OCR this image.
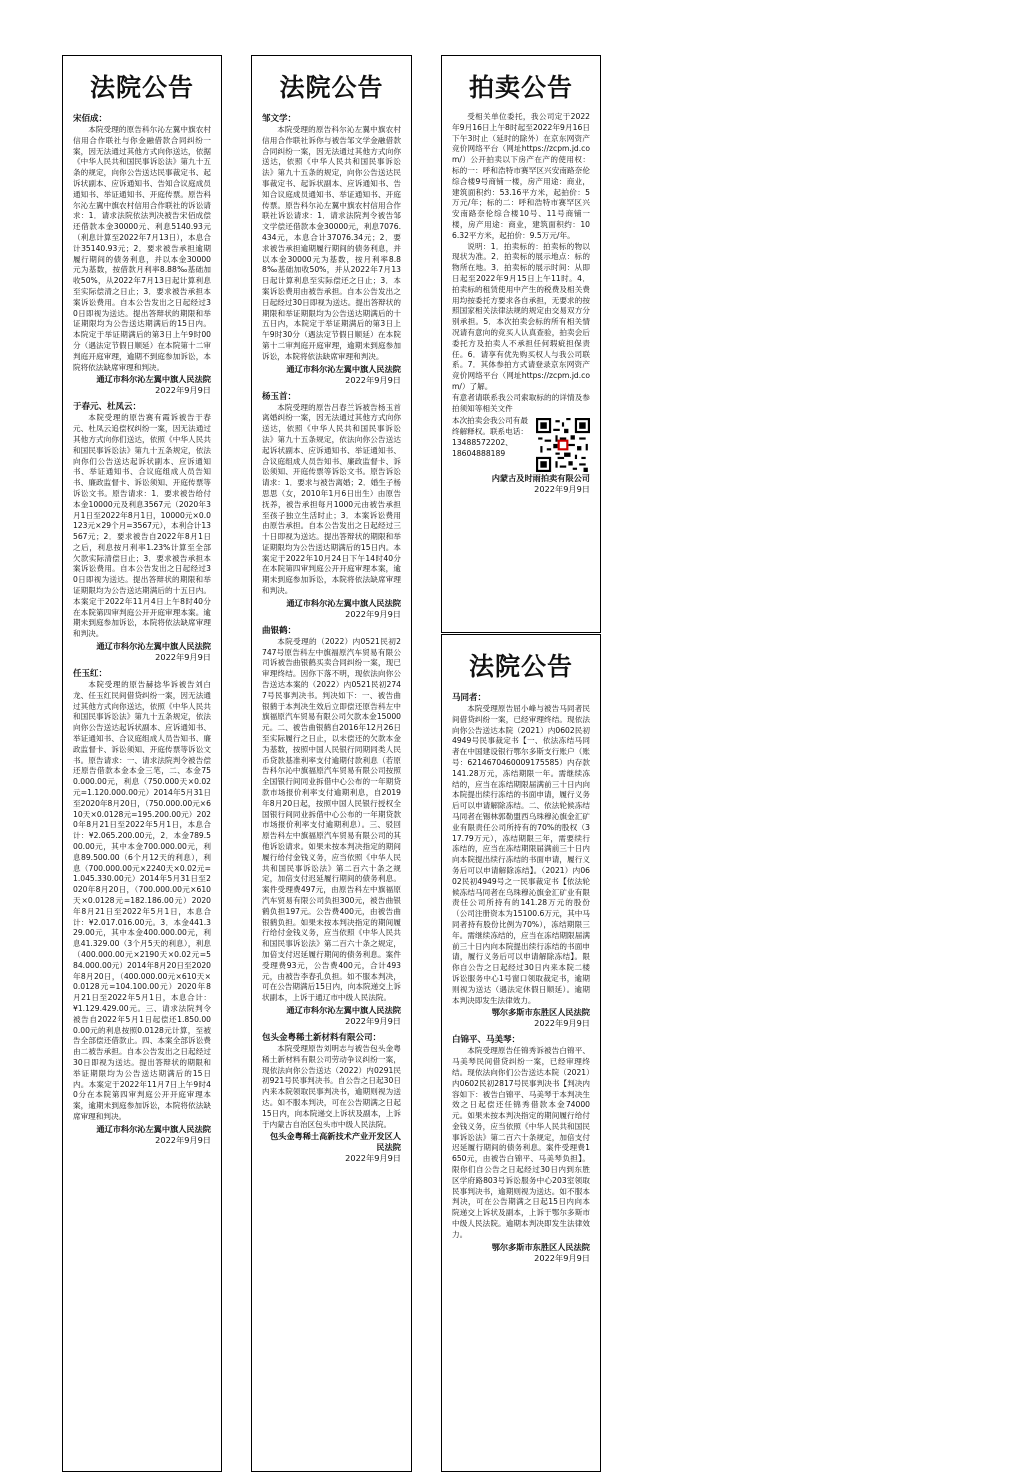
法院公告
宋佰成：

本院受理的原告科尔沁左翼中旗农村信用合作联社与你金融借款合同纠纷一案，因无法通过其他方式向你送达，依据《中华人民共和国民事诉讼法》第九十五条的规定，向你公告送达民事裁定书、起诉状副本、应诉通知书、告知合议庭成员通知书、举证通知书、开庭传票。原告科尔沁左翼中旗农村信用合作联社的诉讼请求：1．请求法院依法判决被告宋佰成偿还借款本金30000元、利息5140.93元（利息计算至2022年7月13日），本息合计35140.93元；2．要求被告承担逾期履行期间的债务利息，并以本金30000元为基数，按借款月利率8.88‰基础加收50%，从2022年7月13日起计算利息至实际偿清之日止；3．要求被告承担本案诉讼费用。自本公告发出之日起经过30日即视为送达。提出答辩状的期限和举证期限均为公告送达期满后的15日内。本院定于举证期满后的第3日上午9时00分（遇法定节假日顺延）在本院第十二审判庭开庭审理，逾期不到庭参加诉讼，本院将依法缺席审理和判决。

通辽市科尔沁左翼中旗人民法院
2022年9月9日
于春元、杜凤云：

本院受理的原告赛有霞诉被告于春元、杜凤云追偿权纠纷一案，因无法通过其他方式向你们送达，依照《中华人民共和国民事诉讼法》第九十五条规定，依法向你们公告送达起诉状副本、应诉通知书、举证通知书、合议庭组成人员告知书、廉政监督卡、诉讼须知、开庭传票等诉讼文书。原告请求：1．要求被告给付本金10000元及利息3567元（2020年3月1日至2022年8月1日，10000元×0.0123元×29个月=3567元），本利合计13567元；2．要求被告自2022年8月1日之后，利息按月利率1.23%计算至全部欠款实际清偿日止；3．要求被告承担本案诉讼费用。自本公告发出之日起经过30日即视为送达。提出答辩状的期限和举证期限均为公告送达期满后的十五日内。本案定于2022年11月4日上午8时40分在本院第四审判庭公开开庭审理本案。逾期未到庭参加诉讼，本院将依法缺席审理和判决。

通辽市科尔沁左翼中旗人民法院
2022年9月9日
任玉红：

本院受理的原告赫捻华诉被告刘白龙、任玉红民间借贷纠纷一案，因无法通过其他方式向你送达，依照《中华人民共和国民事诉讼法》第九十五条规定，依法向你公告送达起诉状副本、应诉通知书、举证通知书、合议庭组成人员告知书、廉政监督卡、诉讼须知、开庭传票等诉讼文书。原告请求：一、请求法院判令被告偿还原告借款本金本金三笔，二、本金750.000.00元，利息（750.000天×0.02元=1.120.000.00元）2014年5月31日至2020年8月20日，（750.000.00元×610天×0.0128元=195.200.00元）2020年8月21日至2022年5月1日，本息合计：¥2.065.200.00元，2．本金789.500.00元，其中本金700.000.00元，利息89.500.00（6个月12天的利息），利息（700.000.00元×2240天×0.02元=1.045.330.00元）2014年5月31日至2020年8月20日，（700.000.00元×610天×0.0128元=182.186.00元）2020年8月21日至2022年5月1日，本息合计：¥2.017.016.00元。3．本金441.329.00元，其中本金400.000.00元，利息41.329.00（3个月5天的利息），利息（400.000.00元×2190天×0.02元=584.000.00元）2014年8月20日至2020年8月20日，（400.000.00元×610天×0.0128元=104.100.00元）2020年8月21日至2022年5月1日，本息合计：¥1.129.429.00元。三、请求法院判令被告自2022年5月1日起偿还1.850.000.00元的利息按照0.0128元计算，至被告全部偿还借款止。四、本案全部诉讼费由二被告承担。自本公告发出之日起经过30日即视为送达。提出答辩状的期限和举证期限均为公告送达期满后的15日内。本案定于2022年11月7日上午9时40分在本院第四审判庭公开开庭审理本案，逾期未到庭参加诉讼，本院将依法缺席审理和判决。

通辽市科尔沁左翼中旗人民法院
2022年9月9日
法院公告
邹文学：

本院受理的原告科尔沁左翼中旗农村信用合作联社诉你与被告邹文学金融借款合同纠纷一案，因无法通过其他方式向你送达，依照《中华人民共和国民事诉讼法》第九十五条的规定，向你公告送达民事裁定书、起诉状副本、应诉通知书、告知合议庭成员通知书、举证通知书、开庭传票。原告科尔沁左翼中旗农村信用合作联社诉讼请求：1．请求法院判令被告邹文学偿还借款本金30000元，利息7076.434元，本息合计37076.34元；2．要求被告承担逾期履行期间的债务利息，并以本金30000元为基数，按月利率8.88‰基础加收50%，并从2022年7月13日起计算利息至实际偿还之日止；3．本案诉讼费用由被告承担。自本公告发出之日起经过30日即视为送达。提出答辩状的期限和举证期限均为公告送达期满后的十五日内，本院定于举证期满后的第3日上午9时30分（遇法定节假日顺延）在本院第十二审判庭开庭审理，逾期未到庭参加诉讼，本院将依法缺席审理和判决。

通辽市科尔沁左翼中旗人民法院
2022年9月9日
杨玉首：

本院受理的原告吕春兰诉被告杨玉首离婚纠纷一案，因无法通过其他方式向你送达，依照《中华人民共和国民事诉讼法》第九十五条规定，依法向你公告送达起诉状副本、应诉通知书、举证通知书、合议庭组成人员告知书、廉政监督卡、诉讼须知、开庭传票等诉讼文书。原告诉讼请求：1．要求与被告离婚；2．婚生子杨思思（女，2010年1月6日出生）由原告抚养，被告承担每月1000元由被告承担至孩子独立生活时止；3．本案诉讼费用由原告承担。自本公告发出之日起经过三十日即视为送达。提出答辩状的期限和举证期限均为公告送达期满后的15日内。本案定于2022年10月24日下午14时40分在本院第四审判庭公开开庭审理本案，逾期未到庭参加诉讼，本院将依法缺席审理和判决。

通辽市科尔沁左翼中旗人民法院
2022年9月9日
曲银鹤：

本院受理的（2022）内0521民初2747号原告科左中旗福原汽车贸易有限公司诉被告曲银鹤买卖合同纠纷一案，现已审理终结。因你下落不明，现依法向你公告送达本案的（2022）内0521民初2747号民事判决书。判决如下：一、被告曲银鹤于本判决生效后立即偿还原告科左中旗福原汽车贸易有限公司欠款本金15000元。二、被告曲银鹤自2016年12月26日至实际履行之日止，以未偿还的欠款本金为基数，按照中国人民银行同期同类人民币贷款基准利率支付逾期付款利息（若原告科尔沁中旗福原汽车贸易有限公司按照全国银行间同业拆借中心公布的一年期贷款市场报价利率支付逾期利息，自2019年8月20日起，按照中国人民银行授权全国银行间同业拆借中心公布的一年期贷款市场报价利率支付逾期利息）。三、驳回原告科左中旗福原汽车贸易有限公司的其他诉讼请求。如果未按本判决指定的期间履行给付金钱义务，应当依照《中华人民共和国民事诉讼法》第二百六十条之规定，加倍支付迟延履行期间的债务利息。案件受理费497元，由原告科左中旗福原汽车贸易有限公司负担300元，被告曲银鹤负担197元。公告费400元，由被告曲银鹤负担。如果未按本判决指定的期间履行给付金钱义务，应当依照《中华人民共和国民事诉讼法》第二百六十条之规定，加倍支付迟延履行期间的债务利息。案件受理费93元，公告费400元，合计493元，由被告李春孔负担。如不服本判决，可在公告期满后15日内，向本院递交上诉状副本，上诉于通辽市中级人民法院。

通辽市科尔沁左翼中旗人民法院
2022年9月9日
包头金粤稀土新材料有限公司：

本院受理原告刘明志与被告包头金粤稀土新材料有限公司劳动争议纠纷一案，现依法向你公告送达（2022）内0291民初921号民事判决书。自公告之日起30日内来本院领取民事判决书，逾期则视为送达。如不服本判决，可在公告期满之日起15日内，向本院递交上诉状及副本，上诉于内蒙古自治区包头市中级人民法院。

包头金粤稀土高新技术产业开发区人民法院
2022年9月9日
拍卖公告

受相关单位委托，我公司定于2022年9月16日上午8时起至2022年9月16日下午3时止（延时的除外）在京东网资产竞价网络平台（网址https://zcpm.jd.com/）公开拍卖以下房产在产的使用权：标的一：呼和浩特市赛罕区兴安南路奈伦综合楼9号商铺一楼，房产用途：商业，建筑面积约：53.16平方米，起拍价：5万元/年；标的二：呼和浩特市赛罕区兴安南路奈伦综合楼10号、11号商铺一楼，房产用途：商业，建筑面积约：106.32平方米，起拍价：9.5万元/年。

说明：1．拍卖标的：拍卖标的物以现状为准。2．拍卖标的展示地点：标的物所在地。3．拍卖标的展示时间：从即日起至2022年9月15日上午11时。4．拍卖标的租赁使用中产生的税费及相关费用均按委托方要求各自承担，无要求的按照国家相关法律法规的规定由交易双方分别承担。5．本次拍卖会标的所有相关情况请有意向的竞买人认真查验，拍卖会后委托方及拍卖人不承担任何瑕疵担保责任。6．请享有优先购买权人与我公司联系。7．其体参拍方式请登录京东网资产竞价网络平台（网址https://zcpm.jd.com/）了解。

有意者请联系我公司索取标的的详情及参拍须知等相关文件
本次拍卖会我公司有最终解释权。联系电话：13488572202、18604888189
内蒙古及时雨拍卖有限公司
2022年9月9日
法院公告
马同者：

本院受理原告屈小峰与被告马同者民间借贷纠纷一案，已经审理终结。现依法向你公告送达本院（2021）内0602民初4949号民事裁定书【一、依法冻结马同者在中国建设银行鄂尔多斯支行账户（账号：6214670460009175585）内存款141.28万元，冻结期限一年。需继续冻结的，应当在冻结期限届满前三十日内向本院提出续行冻结的书面申请，履行义务后可以申请解除冻结。二、依法轮候冻结马同者在锡林郭勒盟西乌珠穆沁旗金汇矿业有限责任公司所持有的70%的股权（317.79万元），冻结期限三年，需要续行冻结的，应当在冻结期限届满前三十日内向本院提出续行冻结的书面申请，履行义务后可以申请解除冻结】。（2021）内0602民初4949号之一民事裁定书【依法轮候冻结马同者在乌珠穆沁旗金汇矿业有限责任公司所持有的141.28万元的股份（公司注册资本为15100.6万元，其中马同者持有股份比例为70%），冻结期限三年。需继续冻结的，应当在冻结期限届满前三十日内向本院提出续行冻结的书面申请，履行义务后可以申请解除冻结】。限你自公告之日起经过30日内来本院二楼诉讼服务中心1号窗口领取裁定书，逾期则视为送达（遇法定休假日顺延）。逾期本判决即发生法律效力。

鄂尔多斯市东胜区人民法院
2022年9月9日
白锦平、马美琴：

本院受理原告任锦秀诉被告白锦平、马美琴民间借贷纠纷一案，已经审理终结。现依法向你们公告送达本院（2021）内0602民初2817号民事判决书【判决内容如下：被告白锦平、马美琴于本判决生效之日起偿还任锦秀借款本金74000元。如果未按本判决指定的期间履行给付金钱义务，应当依照《中华人民共和国民事诉讼法》第二百六十条规定，加倍支付迟延履行期间的债务利息。案件受理费1650元，由被告白锦平、马美琴负担】。限你们自公告之日起经过30日内到东胜区学府路803号诉讼服务中心203室领取民事判决书，逾期则视为送达。如不服本判决，可在公告期满之日起15日内向本院递交上诉状及副本，上诉于鄂尔多斯市中级人民法院。逾期本判决即发生法律效力。

鄂尔多斯市东胜区人民法院
2022年9月9日
